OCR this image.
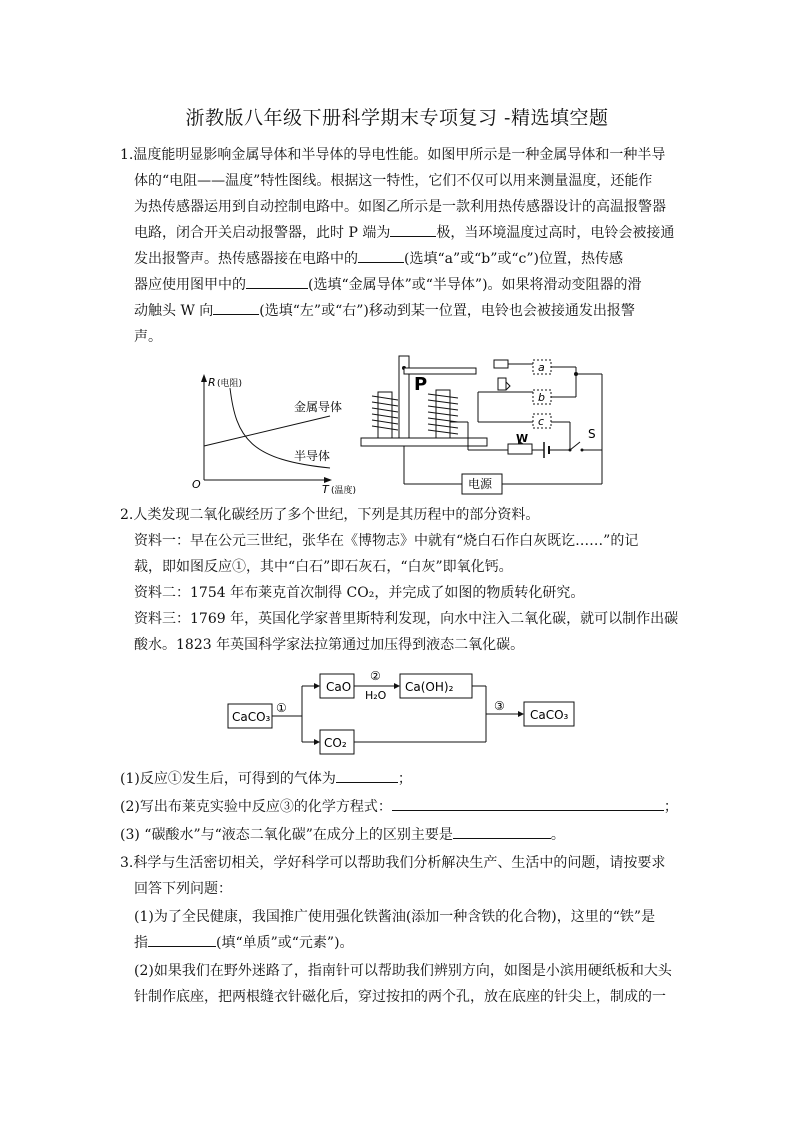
浙教版八年级下册科学期末专项复习 -精选填空题
1.温度能明显影响金属导体和半导体的导电性能。如图甲所示是一种金属导体和一种半导
体的“电阻——温度”特性图线。根据这一特性，它们不仅可以用来测量温度，还能作
为热传感器运用到自动控制电路中。如图乙所示是一款利用热传感器设计的高温报警器
电路，闭合开关启动报警器，此时 P 端为	极，当环境温度过高时，电铃会被接通
发出报警声。热传感器接在电路中的	(选填“a”或“b”或“c”)位置，热传感
器应使用图甲中的	(选填“金属导体”或“半导体”)。如果将滑动变阻器的滑
动触头 W 向	(选填“左”或“右”)移动到某一位置，电铃也会被接通发出报警
声。
R (电阻)
O	T (温度)
金属导体
半导体
P
a
b
c
W	S
电源
2.人类发现二氧化碳经历了多个世纪，下列是其历程中的部分资料。
资料一：早在公元三世纪，张华在《博物志》中就有“烧白石作白灰既讫……”的记
载，即如图反应①，其中“白石”即石灰石，“白灰”即氧化钙。
资料二：1754 年布莱克首次制得 CO₂，并完成了如图的物质转化研究。
资料三：1769 年，英国化学家普里斯特利发现，向水中注入二氧化碳，就可以制作出碳
酸水。1823 年英国科学家法拉第通过加压得到液态二氧化碳。
CaCO₃
①
CaO
②
H₂O
Ca(OH)₂
CO₂
③
CaCO₃
(1)反应①发生后，可得到的气体为	；
(2)写出布莱克实验中反应③的化学方程式：	；
(3) “碳酸水”与“液态二氧化碳”在成分上的区别主要是	。
3.科学与生活密切相关，学好科学可以帮助我们分析解决生产、生活中的问题，请按要求
回答下列问题：
(1)为了全民健康，我国推广使用强化铁酱油(添加一种含铁的化合物)，这里的“铁”是
指	(填“单质”或“元素”)。
(2)如果我们在野外迷路了，指南针可以帮助我们辨别方向，如图是小滨用硬纸板和大头
针制作底座，把两根缝衣针磁化后，穿过按扣的两个孔，放在底座的针尖上，制成的一
